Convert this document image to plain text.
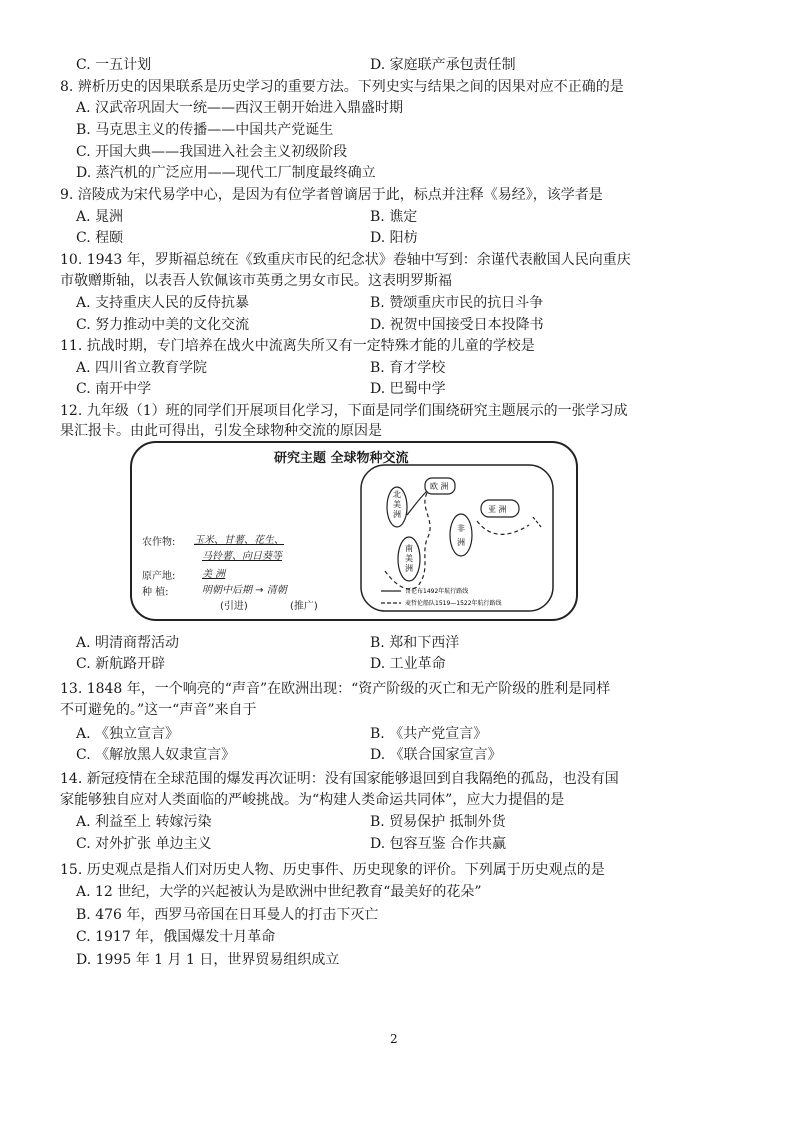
C. 一五计划	D. 家庭联产承包责任制
8. 辨析历史的因果联系是历史学习的重要方法。下列史实与结果之间的因果对应不正确的是
A. 汉武帝巩固大一统——西汉王朝开始进入鼎盛时期
B. 马克思主义的传播——中国共产党诞生
C. 开国大典——我国进入社会主义初级阶段
D. 蒸汽机的广泛应用——现代工厂制度最终确立
9. 涪陵成为宋代易学中心，是因为有位学者曾谪居于此，标点并注释《易经》，该学者是
A. 晁洲	B. 谯定
C. 程颐	D. 阳枋
10. 1943 年，罗斯福总统在《致重庆市民的纪念状》卷轴中写到：余谨代表敝国人民向重庆
市敬赠斯轴，以表吾人钦佩该市英勇之男女市民。这表明罗斯福
A. 支持重庆人民的反侍抗暴	B. 赞颂重庆市民的抗日斗争
C. 努力推动中美的文化交流	D. 祝贺中国接受日本投降书
11. 抗战时期，专门培养在战火中流离失所又有一定特殊才能的儿童的学校是
A. 四川省立教育学院	B. 育才学校
C. 南开中学	D. 巴蜀中学
12. 九年级（1）班的同学们开展项目化学习，下面是同学们围绕研究主题展示的一张学习成
果汇报卡。由此可得出，引发全球物种交流的原因是
研究主题 全球物种交流
农作物: 玉米、甘薯、花生、
马铃薯、向日葵等
原产地:	美 洲
种 植:	明朝中后期 → 清朝
(引进)	(推广)
北
美
洲
欧 洲
亚 洲
非
洲
南
美
洲
哥伦布1492年航行路线
麦哲伦船队1519—1522年航行路线
A. 明清商帮活动	B. 郑和下西洋
C. 新航路开辟	D. 工业革命
13. 1848 年，一个响亮的“声音”在欧洲出现：“资产阶级的灭亡和无产阶级的胜利是同样
不可避免的。”这一“声音”来自于
A. 《独立宣言》	B. 《共产党宣言》
C. 《解放黑人奴隶宣言》	D. 《联合国家宣言》
14. 新冠疫情在全球范围的爆发再次证明：没有国家能够退回到自我隔绝的孤岛，也没有国
家能够独自应对人类面临的严峻挑战。为“构建人类命运共同体”，应大力提倡的是
A. 利益至上 转嫁污染	B. 贸易保护 抵制外货
C. 对外扩张 单边主义	D. 包容互鉴 合作共赢
15. 历史观点是指人们对历史人物、历史事件、历史现象的评价。下列属于历史观点的是
A. 12 世纪，大学的兴起被认为是欧洲中世纪教育“最美好的花朵”
B. 476 年，西罗马帝国在日耳曼人的打击下灭亡
C. 1917 年，俄国爆发十月革命
D. 1995 年 1 月 1 日，世界贸易组织成立
2
